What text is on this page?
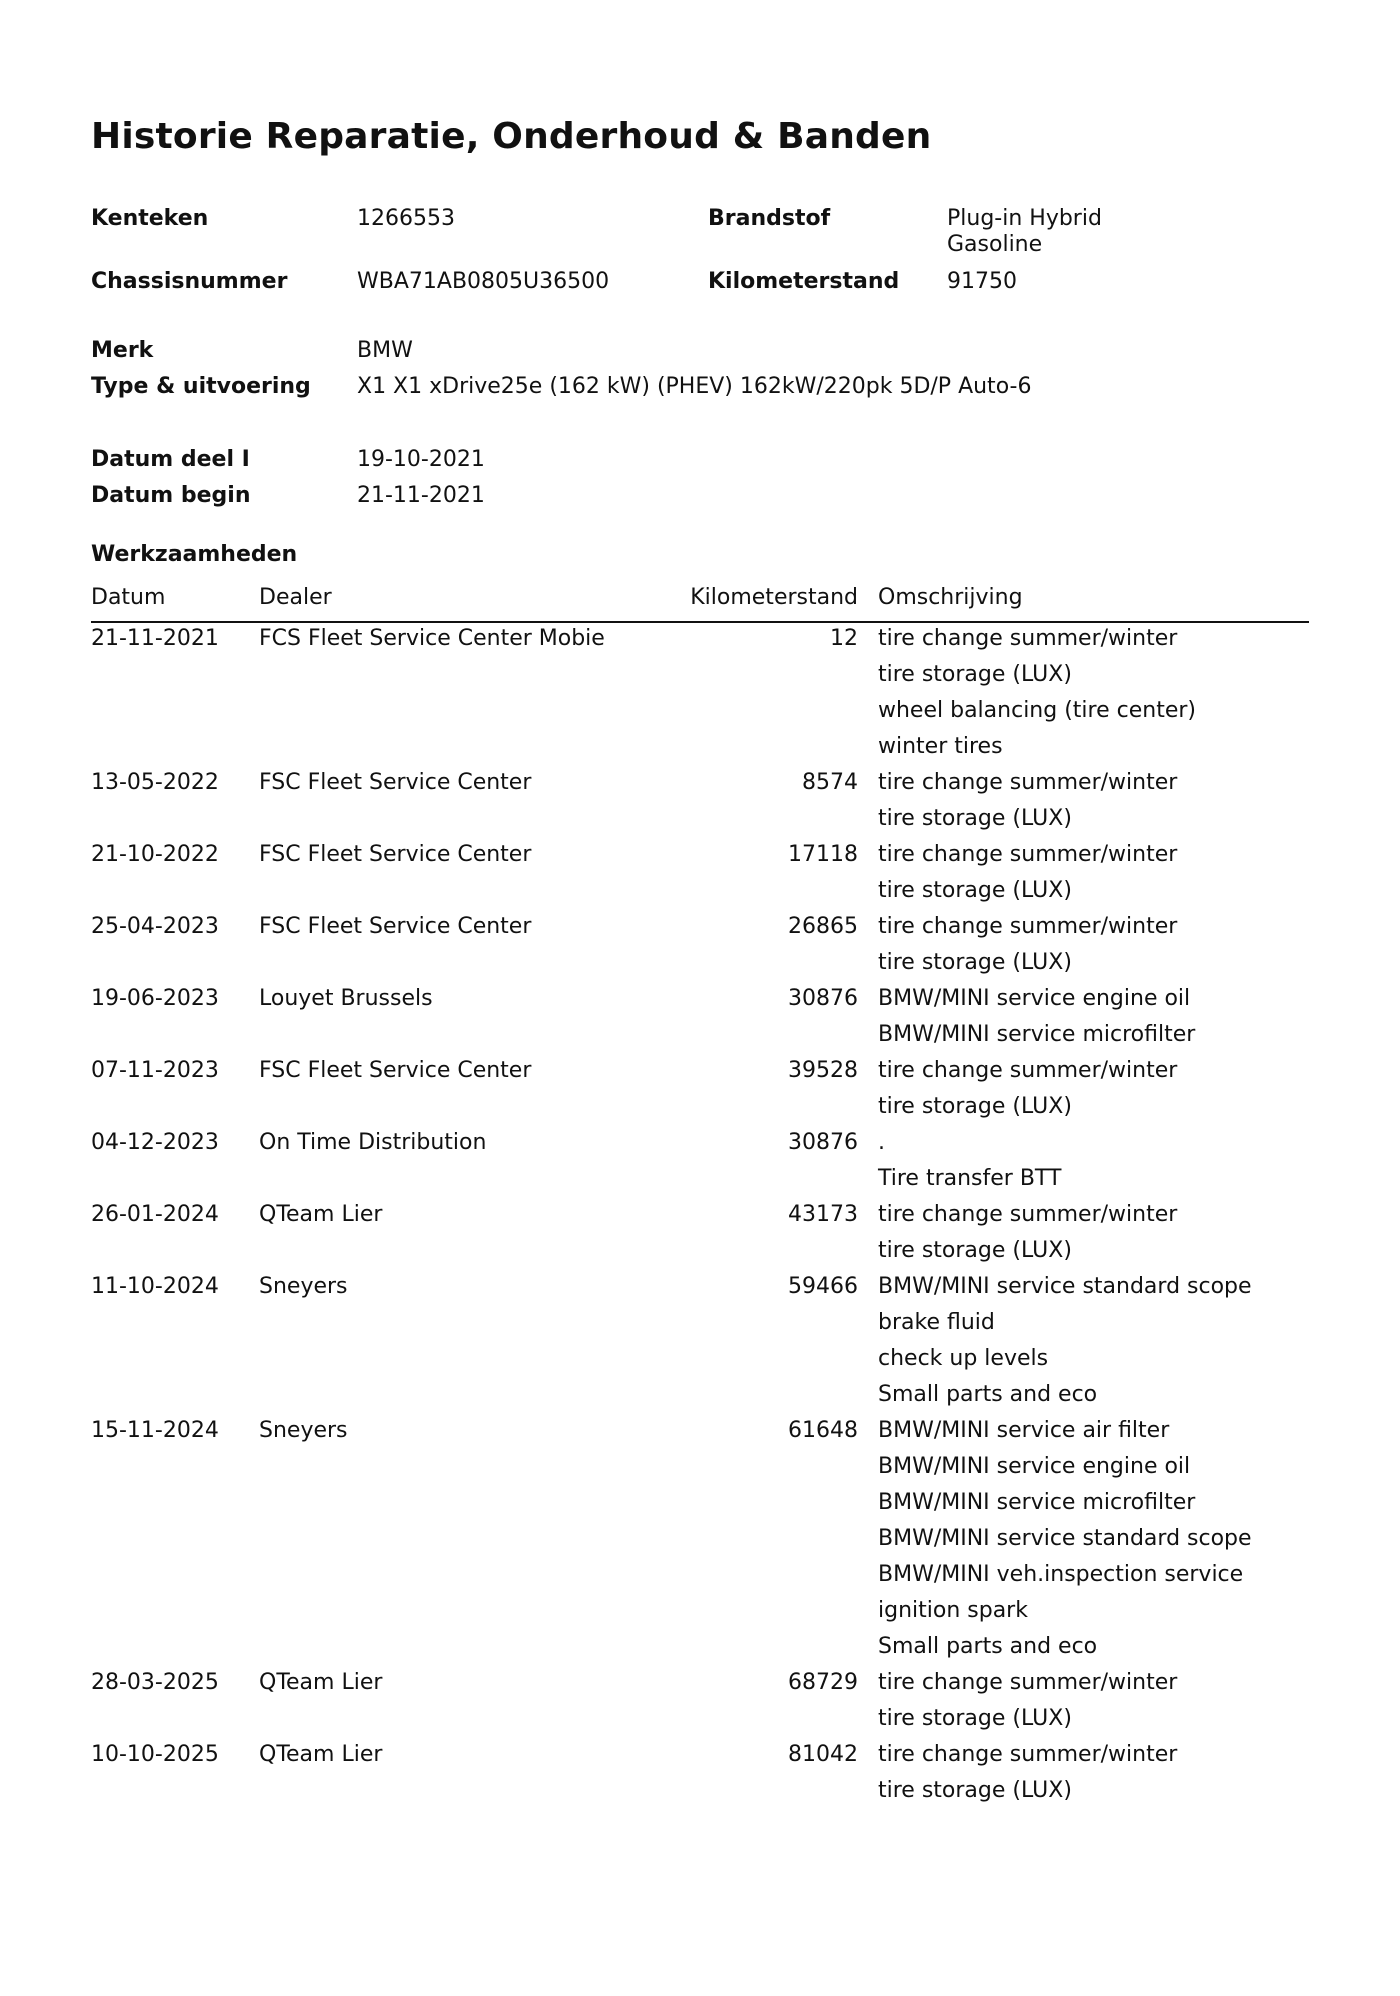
Historie Reparatie, Onderhoud & Banden
Kenteken	1266553	Brandstof	Plug-in Hybrid
Gasoline
Chassisnummer	WBA71AB0805U36500	Kilometerstand 91750
Merk	BMW
Type & uitvoering X1 X1 xDrive25e (162 kW) (PHEV) 162kW/220pk 5D/P Auto-6
Datum deel I	19-10-2021
Datum begin	21-11-2021
Werkzaamheden
Datum	Dealer	Kilometerstand Omschrijving
21-11-2021 FCS Fleet Service Center Mobie	12 tire change summer/winter
tire storage (LUX)
wheel balancing (tire center)
winter tires
13-05-2022 FSC Fleet Service Center	8574 tire change summer/winter
tire storage (LUX)
21-10-2022 FSC Fleet Service Center	17118 tire change summer/winter
tire storage (LUX)
25-04-2023 FSC Fleet Service Center	26865 tire change summer/winter
tire storage (LUX)
19-06-2023 Louyet Brussels	30876 BMW/MINI service engine oil
BMW/MINI service microfilter
07-11-2023 FSC Fleet Service Center	39528 tire change summer/winter
tire storage (LUX)
04-12-2023 On Time Distribution	30876 .
Tire transfer BTT
26-01-2024 QTeam Lier	43173 tire change summer/winter
tire storage (LUX)
11-10-2024 Sneyers	59466 BMW/MINI service standard scope
brake fluid
check up levels
Small parts and eco
15-11-2024 Sneyers	61648 BMW/MINI service air filter
BMW/MINI service engine oil
BMW/MINI service microfilter
BMW/MINI service standard scope
BMW/MINI veh.inspection service
ignition spark
Small parts and eco
28-03-2025 QTeam Lier	68729 tire change summer/winter
tire storage (LUX)
10-10-2025 QTeam Lier	81042 tire change summer/winter
tire storage (LUX)
